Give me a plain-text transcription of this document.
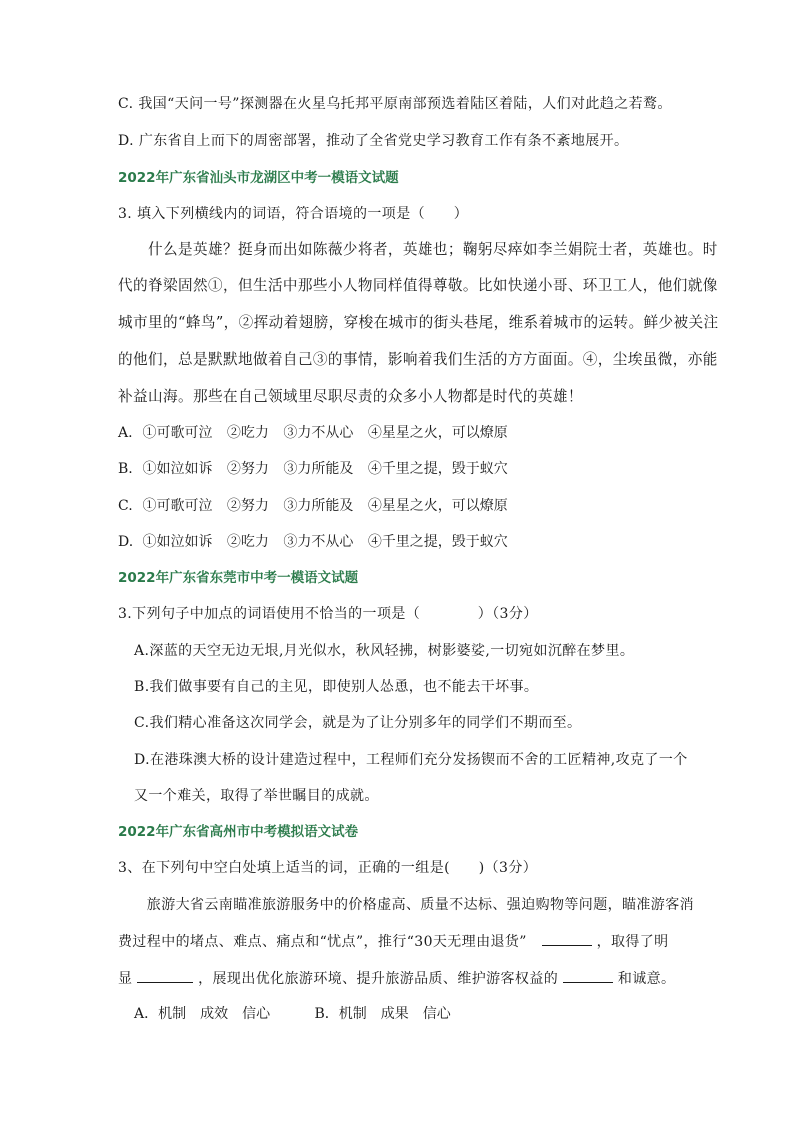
C. 我国“天问一号”探测器在火星乌托邦平原南部预选着陆区着陆，人们对此趋之若鹜。
D. 广东省自上而下的周密部署，推动了全省党史学习教育工作有条不紊地展开。
2022年广东省汕头市龙湖区中考一模语文试题
3. 填入下列横线内的词语，符合语境的一项是（　　）
　　什么是英雄？挺身而出如陈薇少将者，英雄也；鞠躬尽瘁如李兰娟院士者，英雄也。时
代的脊梁固然①，但生活中那些小人物同样值得尊敬。比如快递小哥、环卫工人，他们就像
城市里的“蜂鸟”，②挥动着翅膀，穿梭在城市的街头巷尾，维系着城市的运转。鲜少被关注
的他们，总是默默地做着自己③的事情，影响着我们生活的方方面面。④，尘埃虽微，亦能
补益山海。那些在自己领域里尽职尽责的众多小人物都是时代的英雄！
A. ①可歌可泣 ②吃力 ③力不从心 ④星星之火，可以燎原
B. ①如泣如诉 ②努力 ③力所能及 ④千里之提，毁于蚁穴
C. ①可歌可泣 ②努力 ③力所能及 ④星星之火，可以燎原
D. ①如泣如诉 ②吃力 ③力不从心 ④千里之提，毁于蚁穴
2022年广东省东莞市中考一模语文试题
3.下列句子中加点的词语使用不恰当的一项是（　　　　）（3分）
A.深蓝的天空无边无垠,月光似水，秋风轻拂，树影婆娑,一切宛如沉醉在梦里。
B.我们做事要有自己的主见，即使别人怂恿，也不能去干坏事。
C.我们精心准备这次同学会，就是为了让分别多年的同学们不期而至。
D.在港珠澳大桥的设计建造过程中，工程师们充分发扬锲而不舍的工匠精神,攻克了一个
又一个难关，取得了举世瞩目的成就。
2022年广东省高州市中考模拟语文试卷
3、在下列句中空白处填上适当的词，正确的一组是(　　)（3分）
　　旅游大省云南瞄准旅游服务中的价格虚高、质量不达标、强迫购物等问题，瞄准游客消
费过程中的堵点、难点、痛点和“忧点”，推行“30天无理由退货”	，取得了明
显	，展现出优化旅游环境、提升旅游品质、维护游客权益的	和诚意。
A．机制　成效　信心	B．机制　成果　信心
